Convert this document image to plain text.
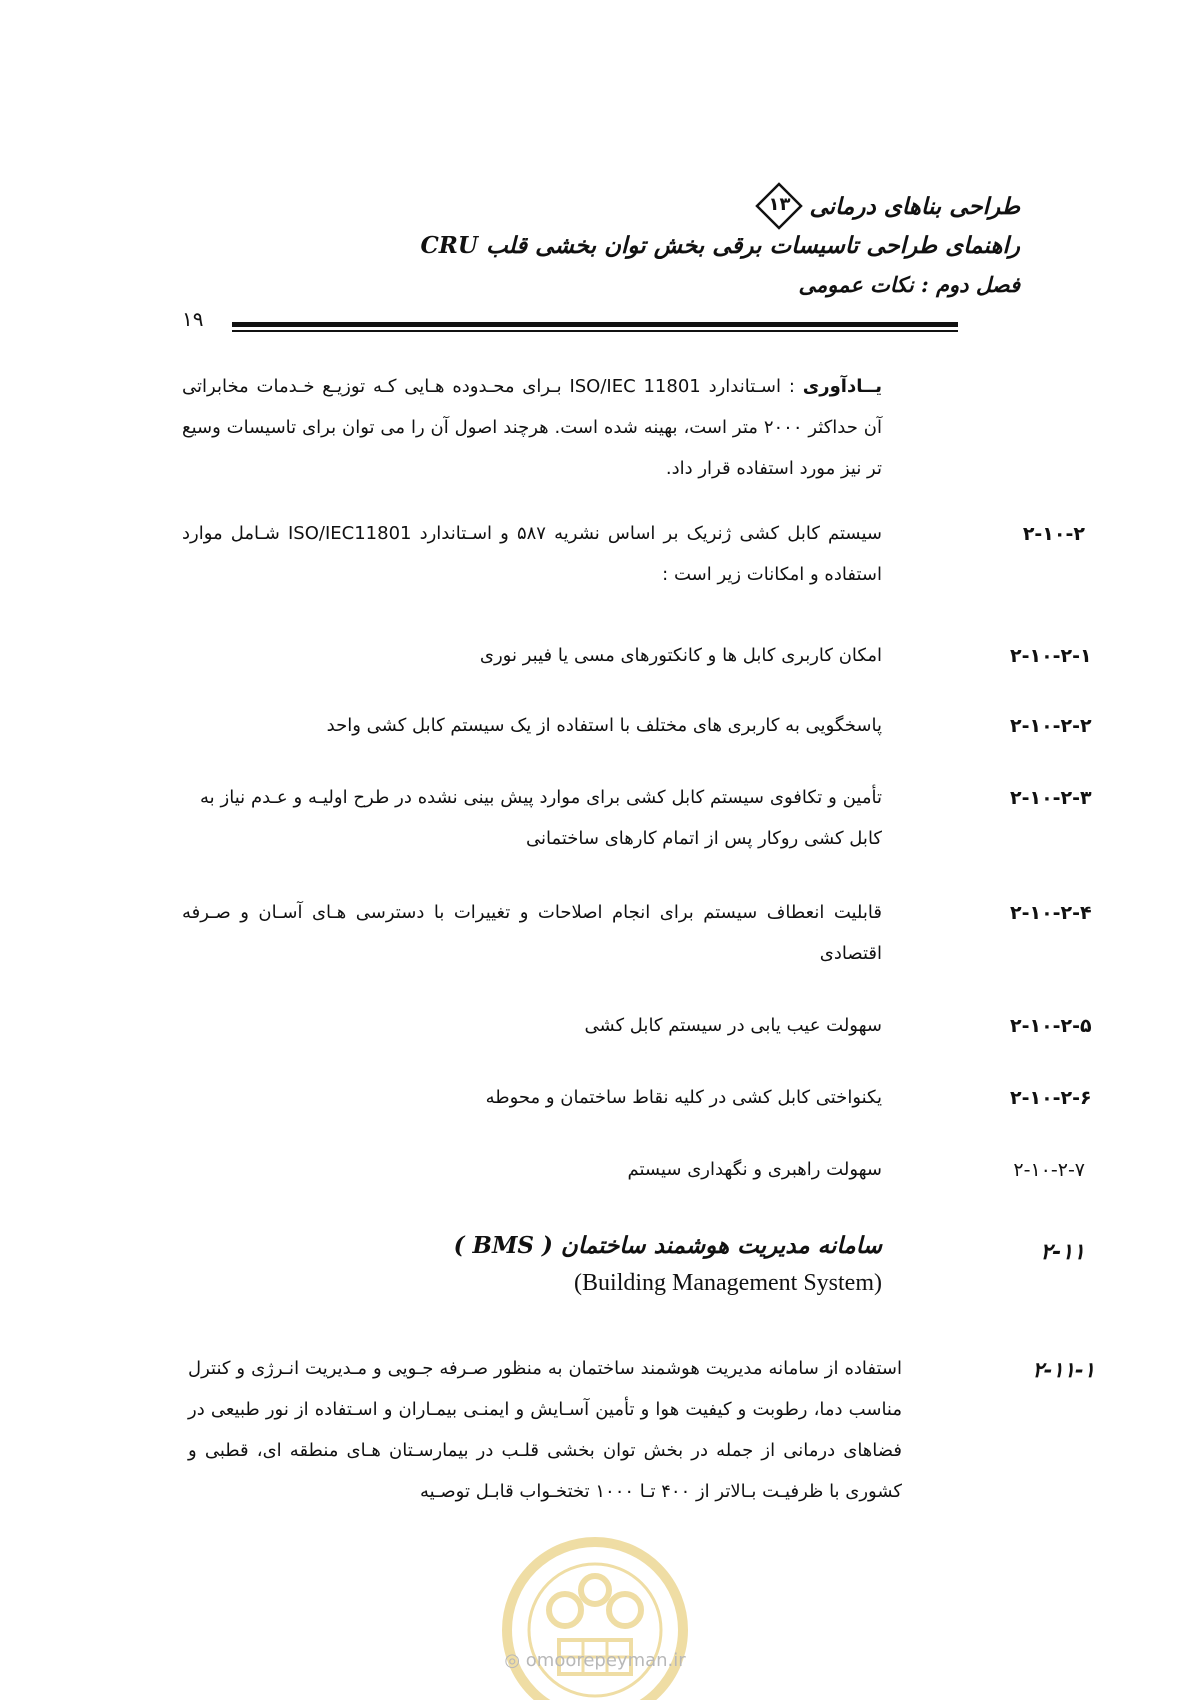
طراحی بناهای درمانی
۱۳
راهنمای طراحی تاسیسات برقی بخش توان بخشی قلب CRU
فصل دوم : نکات عمومی
۱۹
یــادآوری : اسـتاندارد ISO/IEC 11801 بـرای محـدوده هـایی کـه توزیـع خـدمات مخابراتی آن حداکثر ۲۰۰۰ متر است، بهینه شده است. هرچند اصول آن را می توان برای تاسیسات وسیع تر نیز مورد استفاده قرار داد.
۲-۱۰-۲
سیستم کابل کشی ژنریک بر اساس نشریه ۵۸۷ و اسـتاندارد ISO/IEC11801 شـامل موارد استفاده و امکانات زیر است :
۲-۱۰-۲-۱
امکان کاربری کابل ها و کانکتورهای مسی یا فیبر نوری
۲-۱۰-۲-۲
پاسخگویی به کاربری های مختلف با استفاده از یک سیستم کابل کشی واحد
۲-۱۰-۲-۳
تأمین و تکافوی سیستم کابل کشی برای موارد پیش بینی نشده در طرح اولیـه و عـدم نیاز به کابل کشی روکار پس از اتمام کارهای ساختمانی
۲-۱۰-۲-۴
قابلیت انعطاف سیستم برای انجام اصلاحات و تغییرات با دسترسی هـای آسـان و صـرفه اقتصادی
۲-۱۰-۲-۵
سهولت عیب یابی در سیستم کابل کشی
۲-۱۰-۲-۶
یکنواختی کابل کشی در کلیه نقاط ساختمان و محوطه
۲-۱۰-۲-۷
سهولت راهبری و نگهداری سیستم
۲-۱۱
سامانه مدیریت هوشمند ساختمان ( BMS )
(Building Management System)
۲-۱۱-۱
استفاده از سامانه مدیریت هوشمند ساختمان به منظور صـرفه جـویی و مـدیریت انـرژی و کنترل مناسب دما، رطوبت و کیفیت هوا و تأمین آسـایش و ایمنـی بیمـاران و اسـتفاده از نور طبیعی در فضاهای درمانی از جمله در بخش توان بخشی قلـب در بیمارسـتان هـای منطقه ای، قطبی و کشوری با ظرفیـت بـالاتر از ۴۰۰ تـا ۱۰۰۰ تختخـواب قابـل توصـیه
◎ omoorepeyman.ir
